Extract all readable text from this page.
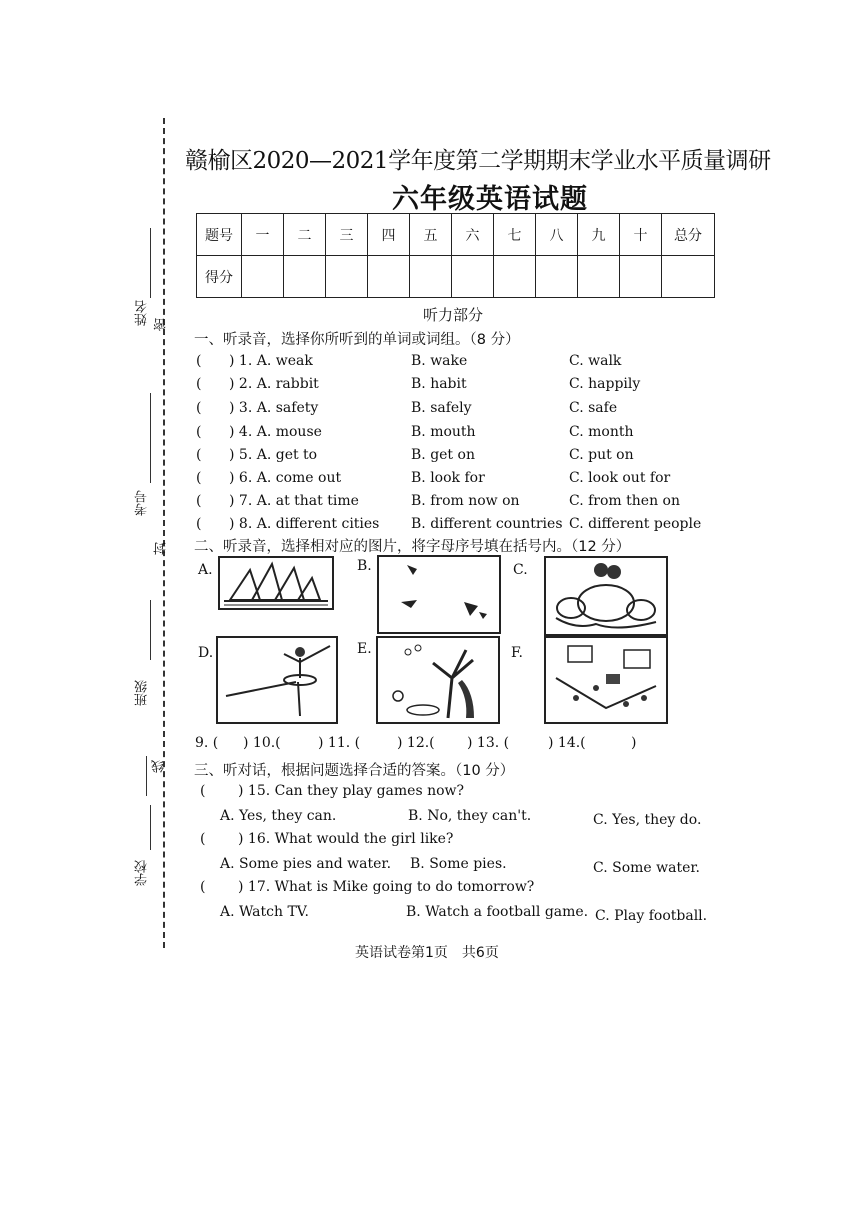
姓名 密
考号
封
班级
线
学校
赣榆区2020—2021学年度第二学期期末学业水平质量调研
六年级英语试题
题号	一	二	三	四	五	六	七	八	九	十	总分
得分											
听力部分
一、听录音，选择你所听到的单词或词组。（8 分）
( ) 1. A. weak	B. wake	C. walk
( ) 2. A. rabbit	B. habit	C. happily
( ) 3. A. safety	B. safely	C. safe
( ) 4. A. mouse	B. mouth	C. month
( ) 5. A. get to	B. get on	C. put on
( ) 6. A. come out	B. look for	C. look out for
( ) 7. A. at that time	B. from now on	C. from then on
( ) 8. A. different cities B. different countries C. different people
二、听录音，选择相对应的图片，将字母序号填在括号内。（12 分）
A.	B.	C.
D.	E.	F.
9. ( ) 10.(	) 11. (	) 12.( ) 13. (	) 14.(	)
三、听对话，根据问题选择合适的答案。（10 分）
( ) 15. Can they play games now?
A. Yes, they can.	B. No, they can't.	C. Yes, they do.
( ) 16. What would the girl like?
A. Some pies and water. B. Some pies.	C. Some water.
( ) 17. What is Mike going to do tomorrow?
A. Watch TV.	B. Watch a football game. C. Play football.
英语试卷第1页　共6页
